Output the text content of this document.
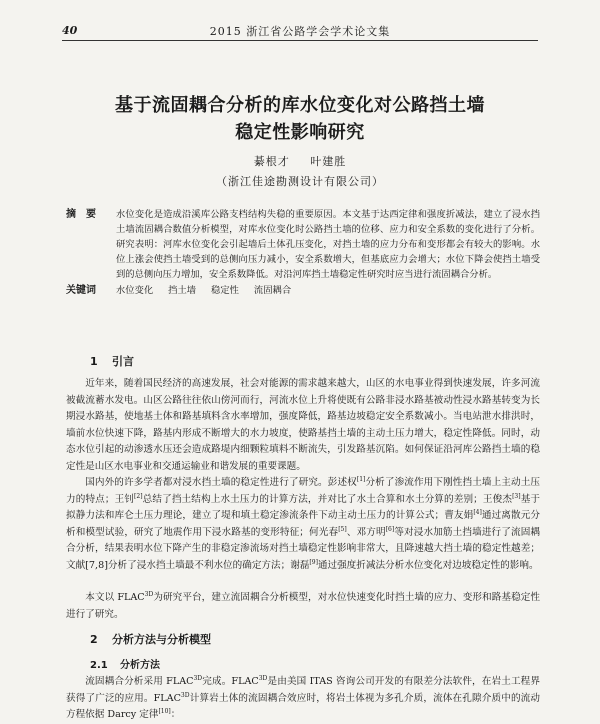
40	2015 浙江省公路学会学术论文集
基于流固耦合分析的库水位变化对公路挡土墙
稳定性影响研究
綦根才 叶建胜
（浙江佳途勘测设计有限公司）
摘　要	水位变化是造成沿溪库公路支档结构失稳的重要原因。本文基于达西定律和强度折减法，建立了浸水挡土墙流固耦合数值分析模型，对库水位变化时公路挡土墙的位移、应力和安全系数的变化进行了分析。研究表明：河库水位变化会引起墙后土体孔压变化，对挡土墙的应力分布和变形都会有较大的影响。水位上涨会使挡土墙受到的总侧向压力减小，安全系数增大，但基底应力会增大；水位下降会使挡土墙受到的总侧向压力增加，安全系数降低。对沿河库挡土墙稳定性研究时应当进行流固耦合分析。
关键词	水位变化 挡土墙 稳定性 流固耦合
1 引言
近年来，随着国民经济的高速发展，社会对能源的需求越来越大，山区的水电事业得到快速发展，许多河流被截流蓄水发电。山区公路往往依山傍河而行，河流水位上升将使既有公路非浸水路基被动性浸水路基转变为长期浸水路基，使地基土体和路基填料含水率增加，强度降低，路基边坡稳定安全系数减小。当电站泄水排洪时，墙前水位快速下降，路基内形成不断增大的水力坡度，使路基挡土墙的主动土压力增大，稳定性降低。同时，动态水位引起的动渗透水压还会造成路堤内细颗粒填料不断流失，引发路基沉陷。如何保证沿河库公路挡土墙的稳定性是山区水电事业和交通运输业和谐发展的重要课题。
国内外的许多学者都对浸水挡土墙的稳定性进行了研究。彭述权[1]分析了渗流作用下刚性挡土墙上主动土压力的特点；王钊[2]总结了挡土结构上水土压力的计算方法，并对比了水土合算和水土分算的差别；王俊杰[3]基于拟静力法和库仑土压力理论，建立了堤和填土稳定渗流条件下动主动土压力的计算公式；曹友娟[4]通过离散元分析和模型试验，研究了地震作用下浸水路基的变形特征；何光春[5]、邓方明[6]等对浸水加筋土挡墙进行了流固耦合分析，结果表明水位下降产生的非稳定渗流场对挡土墙稳定性影响非常大，且降速越大挡土墙的稳定性越差；文献[7,8]分析了浸水挡土墙最不利水位的确定方法；谢磊[9]通过强度折减法分析水位变化对边坡稳定性的影响。
本文以 $FLAC^{3D}$为研究平台，建立流固耦合分析模型，对水位快速变化时挡土墙的应力、变形和路基稳定性进行了研究。
2 分析方法与分析模型
2.1 分析方法
流固耦合分析采用 $FLAC^{3D}$完成。$FLAC^{3D}$是由美国 ITAS 咨询公司开发的有限差分法软件，在岩土工程界获得了广泛的应用。$FLAC^{3D}$计算岩土体的流固耦合效应时，将岩土体视为多孔介质，流体在孔隙介质中的流动方程依据 Darcy 定律[10]：
